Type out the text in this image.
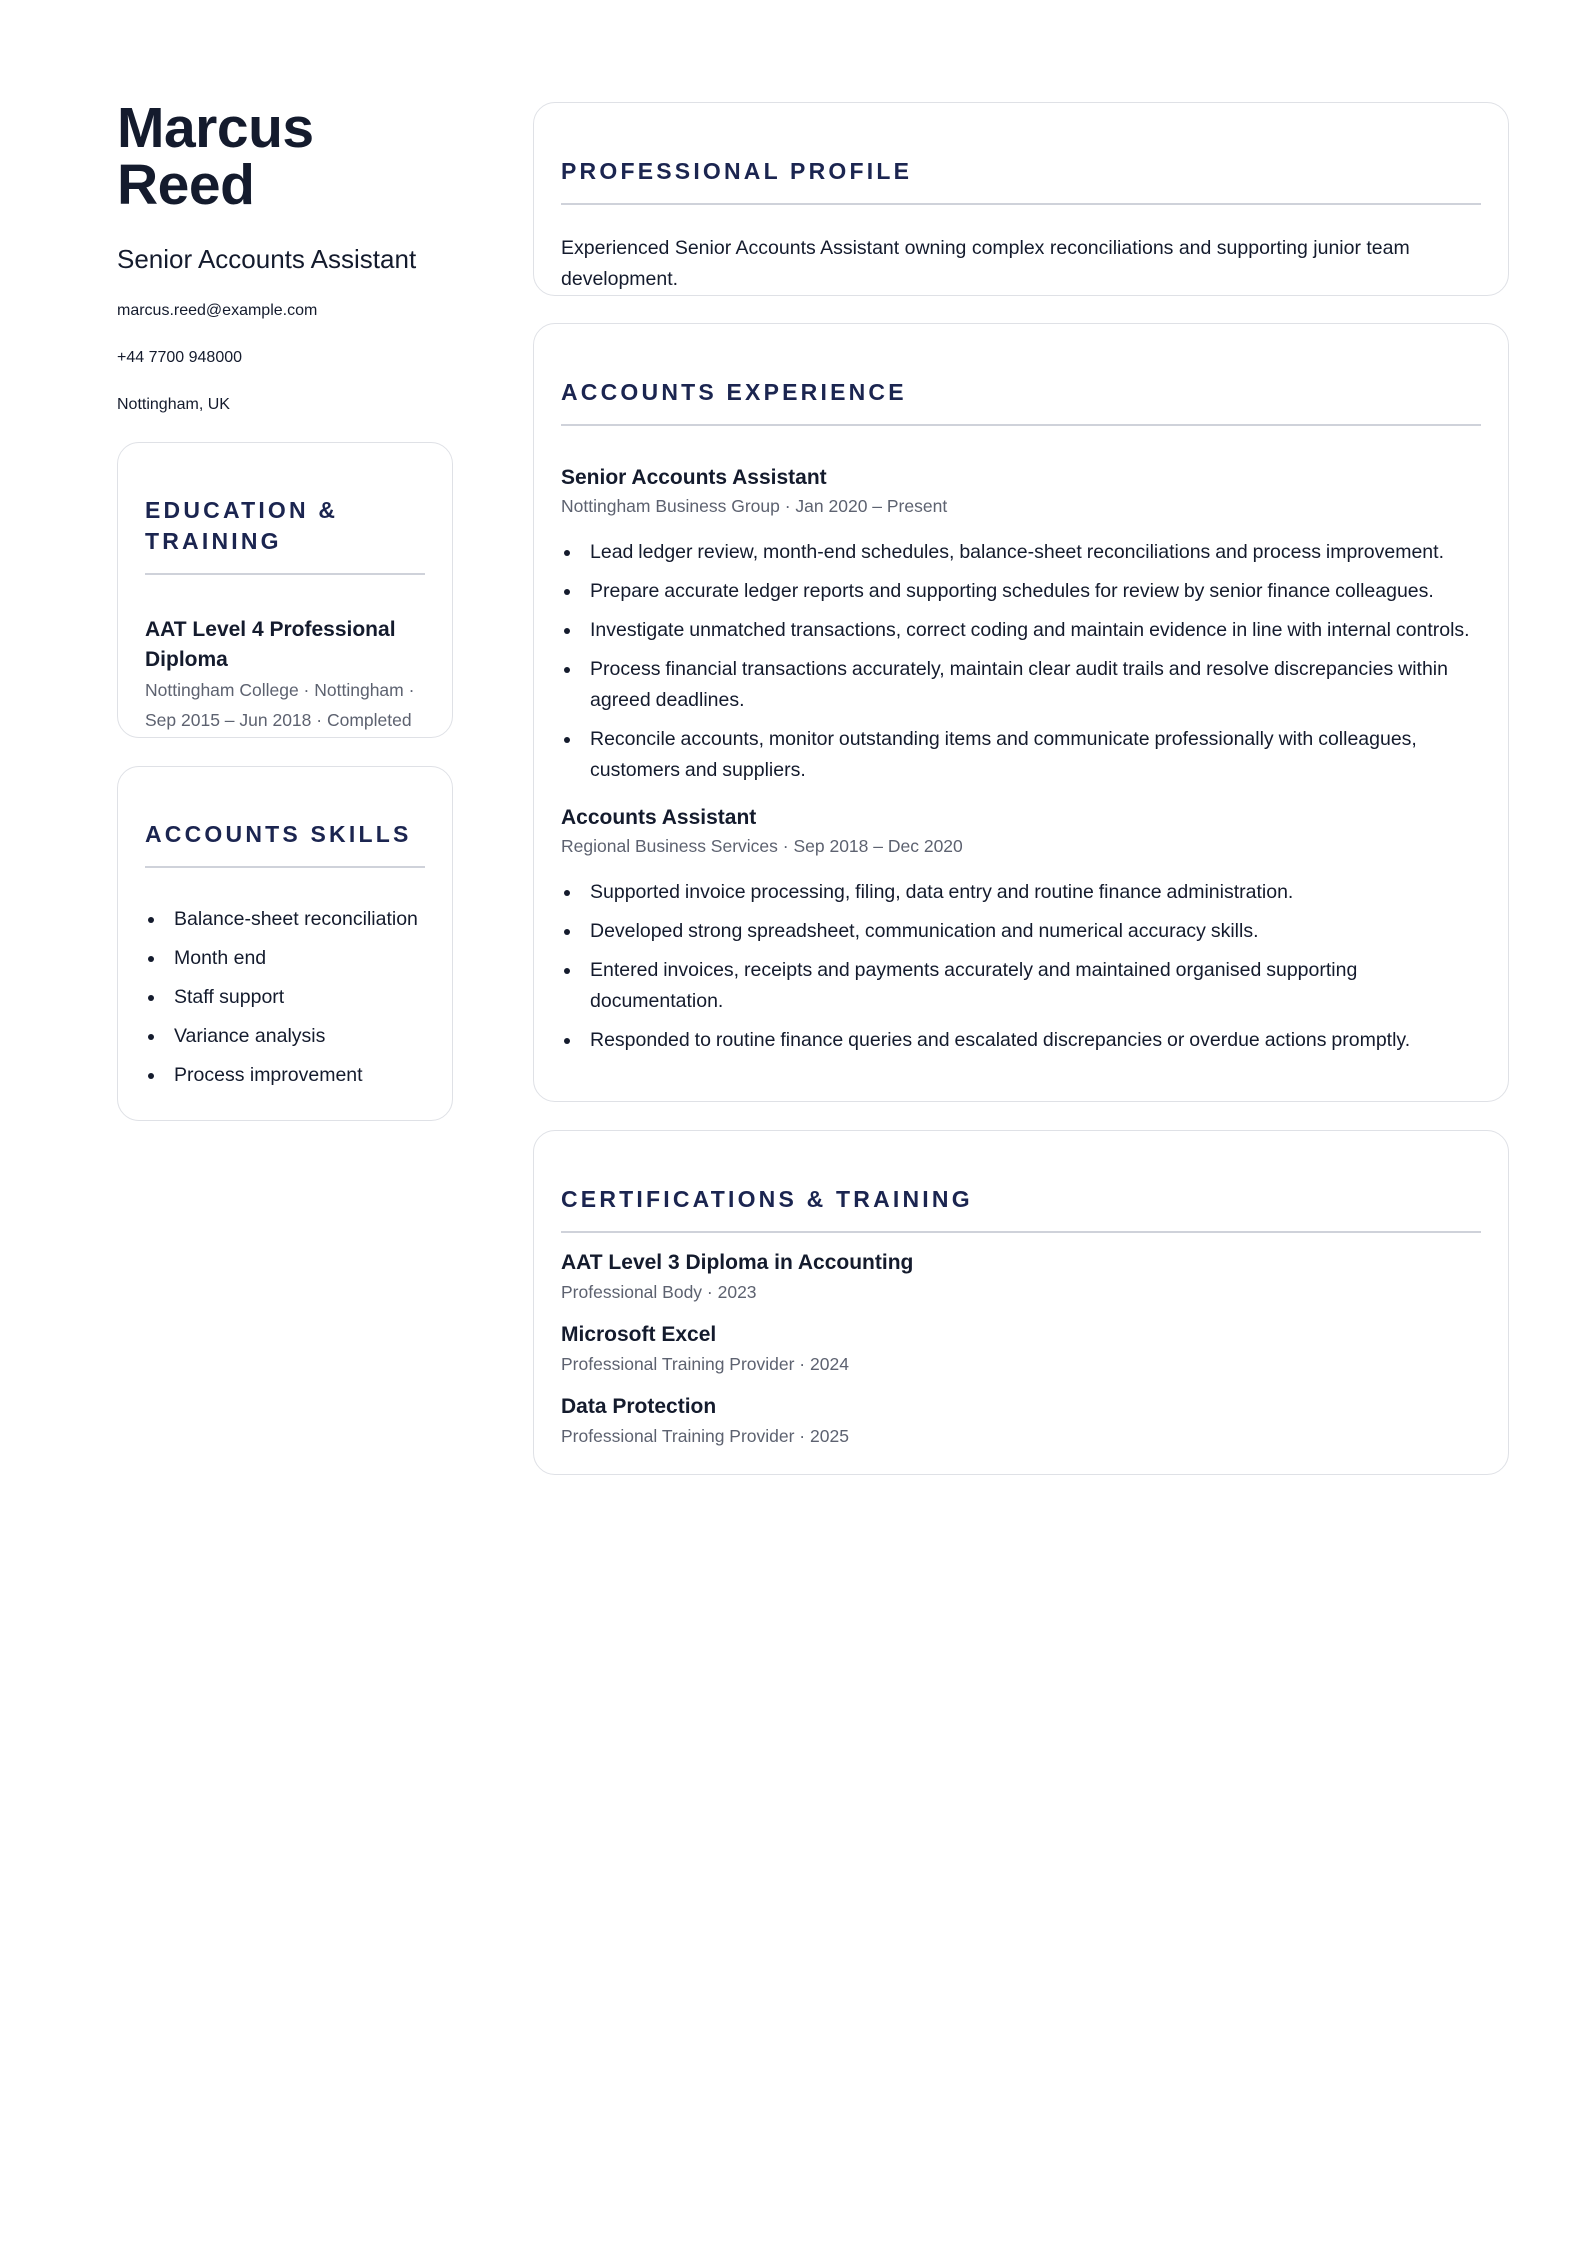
Marcus Reed
Senior Accounts Assistant
marcus.reed@example.com
+44 7700 948000
Nottingham, UK
EDUCATION & TRAINING
AAT Level 4 Professional Diploma
Nottingham College · Nottingham · Sep 2015 – Jun 2018 · Completed
ACCOUNTS SKILLS
Balance-sheet reconciliation
Month end
Staff support
Variance analysis
Process improvement
PROFESSIONAL PROFILE
Experienced Senior Accounts Assistant owning complex reconciliations and supporting junior team development.
ACCOUNTS EXPERIENCE
Senior Accounts Assistant
Nottingham Business Group · Jan 2020 – Present
Lead ledger review, month-end schedules, balance-sheet reconciliations and process improvement.
Prepare accurate ledger reports and supporting schedules for review by senior finance colleagues.
Investigate unmatched transactions, correct coding and maintain evidence in line with internal controls.
Process financial transactions accurately, maintain clear audit trails and resolve discrepancies within agreed deadlines.
Reconcile accounts, monitor outstanding items and communicate professionally with colleagues, customers and suppliers.
Accounts Assistant
Regional Business Services · Sep 2018 – Dec 2020
Supported invoice processing, filing, data entry and routine finance administration.
Developed strong spreadsheet, communication and numerical accuracy skills.
Entered invoices, receipts and payments accurately and maintained organised supporting documentation.
Responded to routine finance queries and escalated discrepancies or overdue actions promptly.
CERTIFICATIONS & TRAINING
AAT Level 3 Diploma in Accounting
Professional Body · 2023
Microsoft Excel
Professional Training Provider · 2024
Data Protection
Professional Training Provider · 2025
